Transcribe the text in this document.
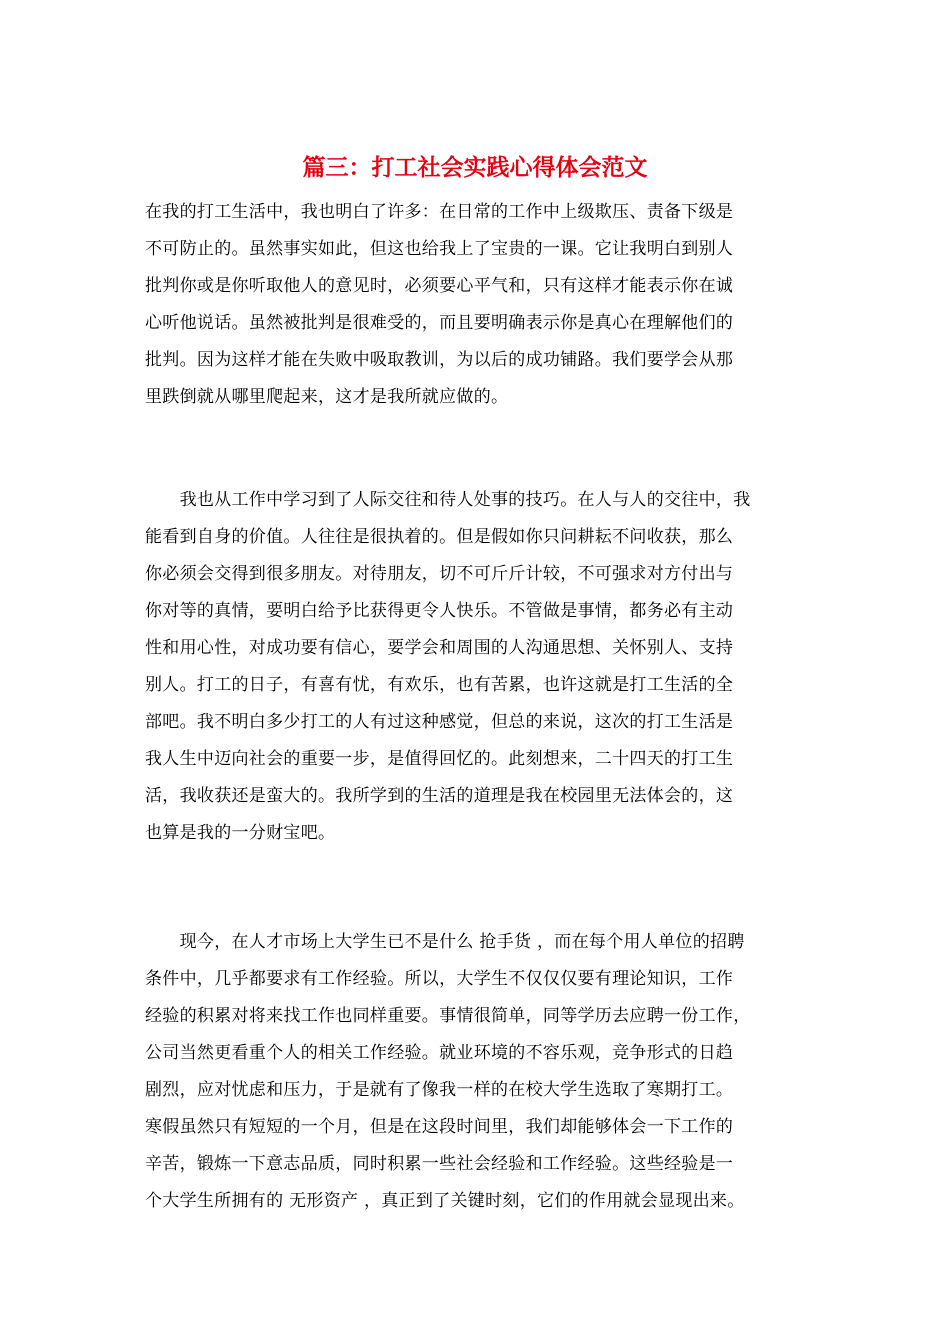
篇三：打工社会实践心得体会范文
在我的打工生活中，我也明白了许多：在日常的工作中上级欺压、责备下级是
不可防止的。虽然事实如此，但这也给我上了宝贵的一课。它让我明白到别人
批判你或是你听取他人的意见时，必须要心平气和，只有这样才能表示你在诚
心听他说话。虽然被批判是很难受的，而且要明确表示你是真心在理解他们的
批判。因为这样才能在失败中吸取教训，为以后的成功铺路。我们要学会从那
里跌倒就从哪里爬起来，这才是我所就应做的。
　　我也从工作中学习到了人际交往和待人处事的技巧。在人与人的交往中，我
能看到自身的价值。人往往是很执着的。但是假如你只问耕耘不问收获，那么
你必须会交得到很多朋友。对待朋友，切不可斤斤计较，不可强求对方付出与
你对等的真情，要明白给予比获得更令人快乐。不管做是事情，都务必有主动
性和用心性，对成功要有信心，要学会和周围的人沟通思想、关怀别人、支持
别人。打工的日子，有喜有忧，有欢乐，也有苦累，也许这就是打工生活的全
部吧。我不明白多少打工的人有过这种感觉，但总的来说，这次的打工生活是
我人生中迈向社会的重要一步，是值得回忆的。此刻想来，二十四天的打工生
活，我收获还是蛮大的。我所学到的生活的道理是我在校园里无法体会的，这
也算是我的一分财宝吧。
　　现今，在人才市场上大学生已不是什么 抢手货 ，而在每个用人单位的招聘
条件中，几乎都要求有工作经验。所以，大学生不仅仅仅要有理论知识，工作
经验的积累对将来找工作也同样重要。事情很简单，同等学历去应聘一份工作，
公司当然更看重个人的相关工作经验。就业环境的不容乐观，竞争形式的日趋
剧烈，应对忧虑和压力，于是就有了像我一样的在校大学生选取了寒期打工。
寒假虽然只有短短的一个月，但是在这段时间里，我们却能够体会一下工作的
辛苦，锻炼一下意志品质，同时积累一些社会经验和工作经验。这些经验是一
个大学生所拥有的 无形资产 ，真正到了关键时刻，它们的作用就会显现出来。
